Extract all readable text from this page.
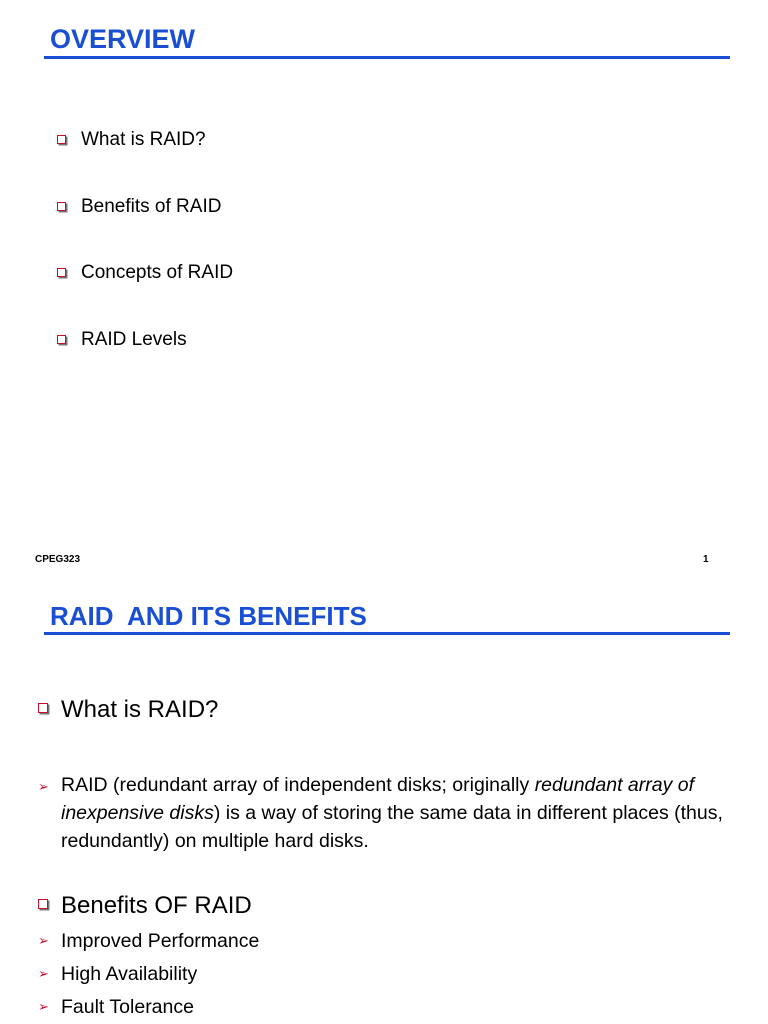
OVERVIEW
What is RAID?
Benefits of RAID
Concepts of RAID
RAID Levels
CPEG323	1
RAID  AND ITS BENEFITS
What is RAID?
➢ RAID (redundant array of independent disks; originally redundant array of inexpensive disks) is a way of storing the same data in different places (thus, redundantly) on multiple hard disks.
Benefits OF RAID
➢ Improved Performance
➢ High Availability
➢ Fault Tolerance
